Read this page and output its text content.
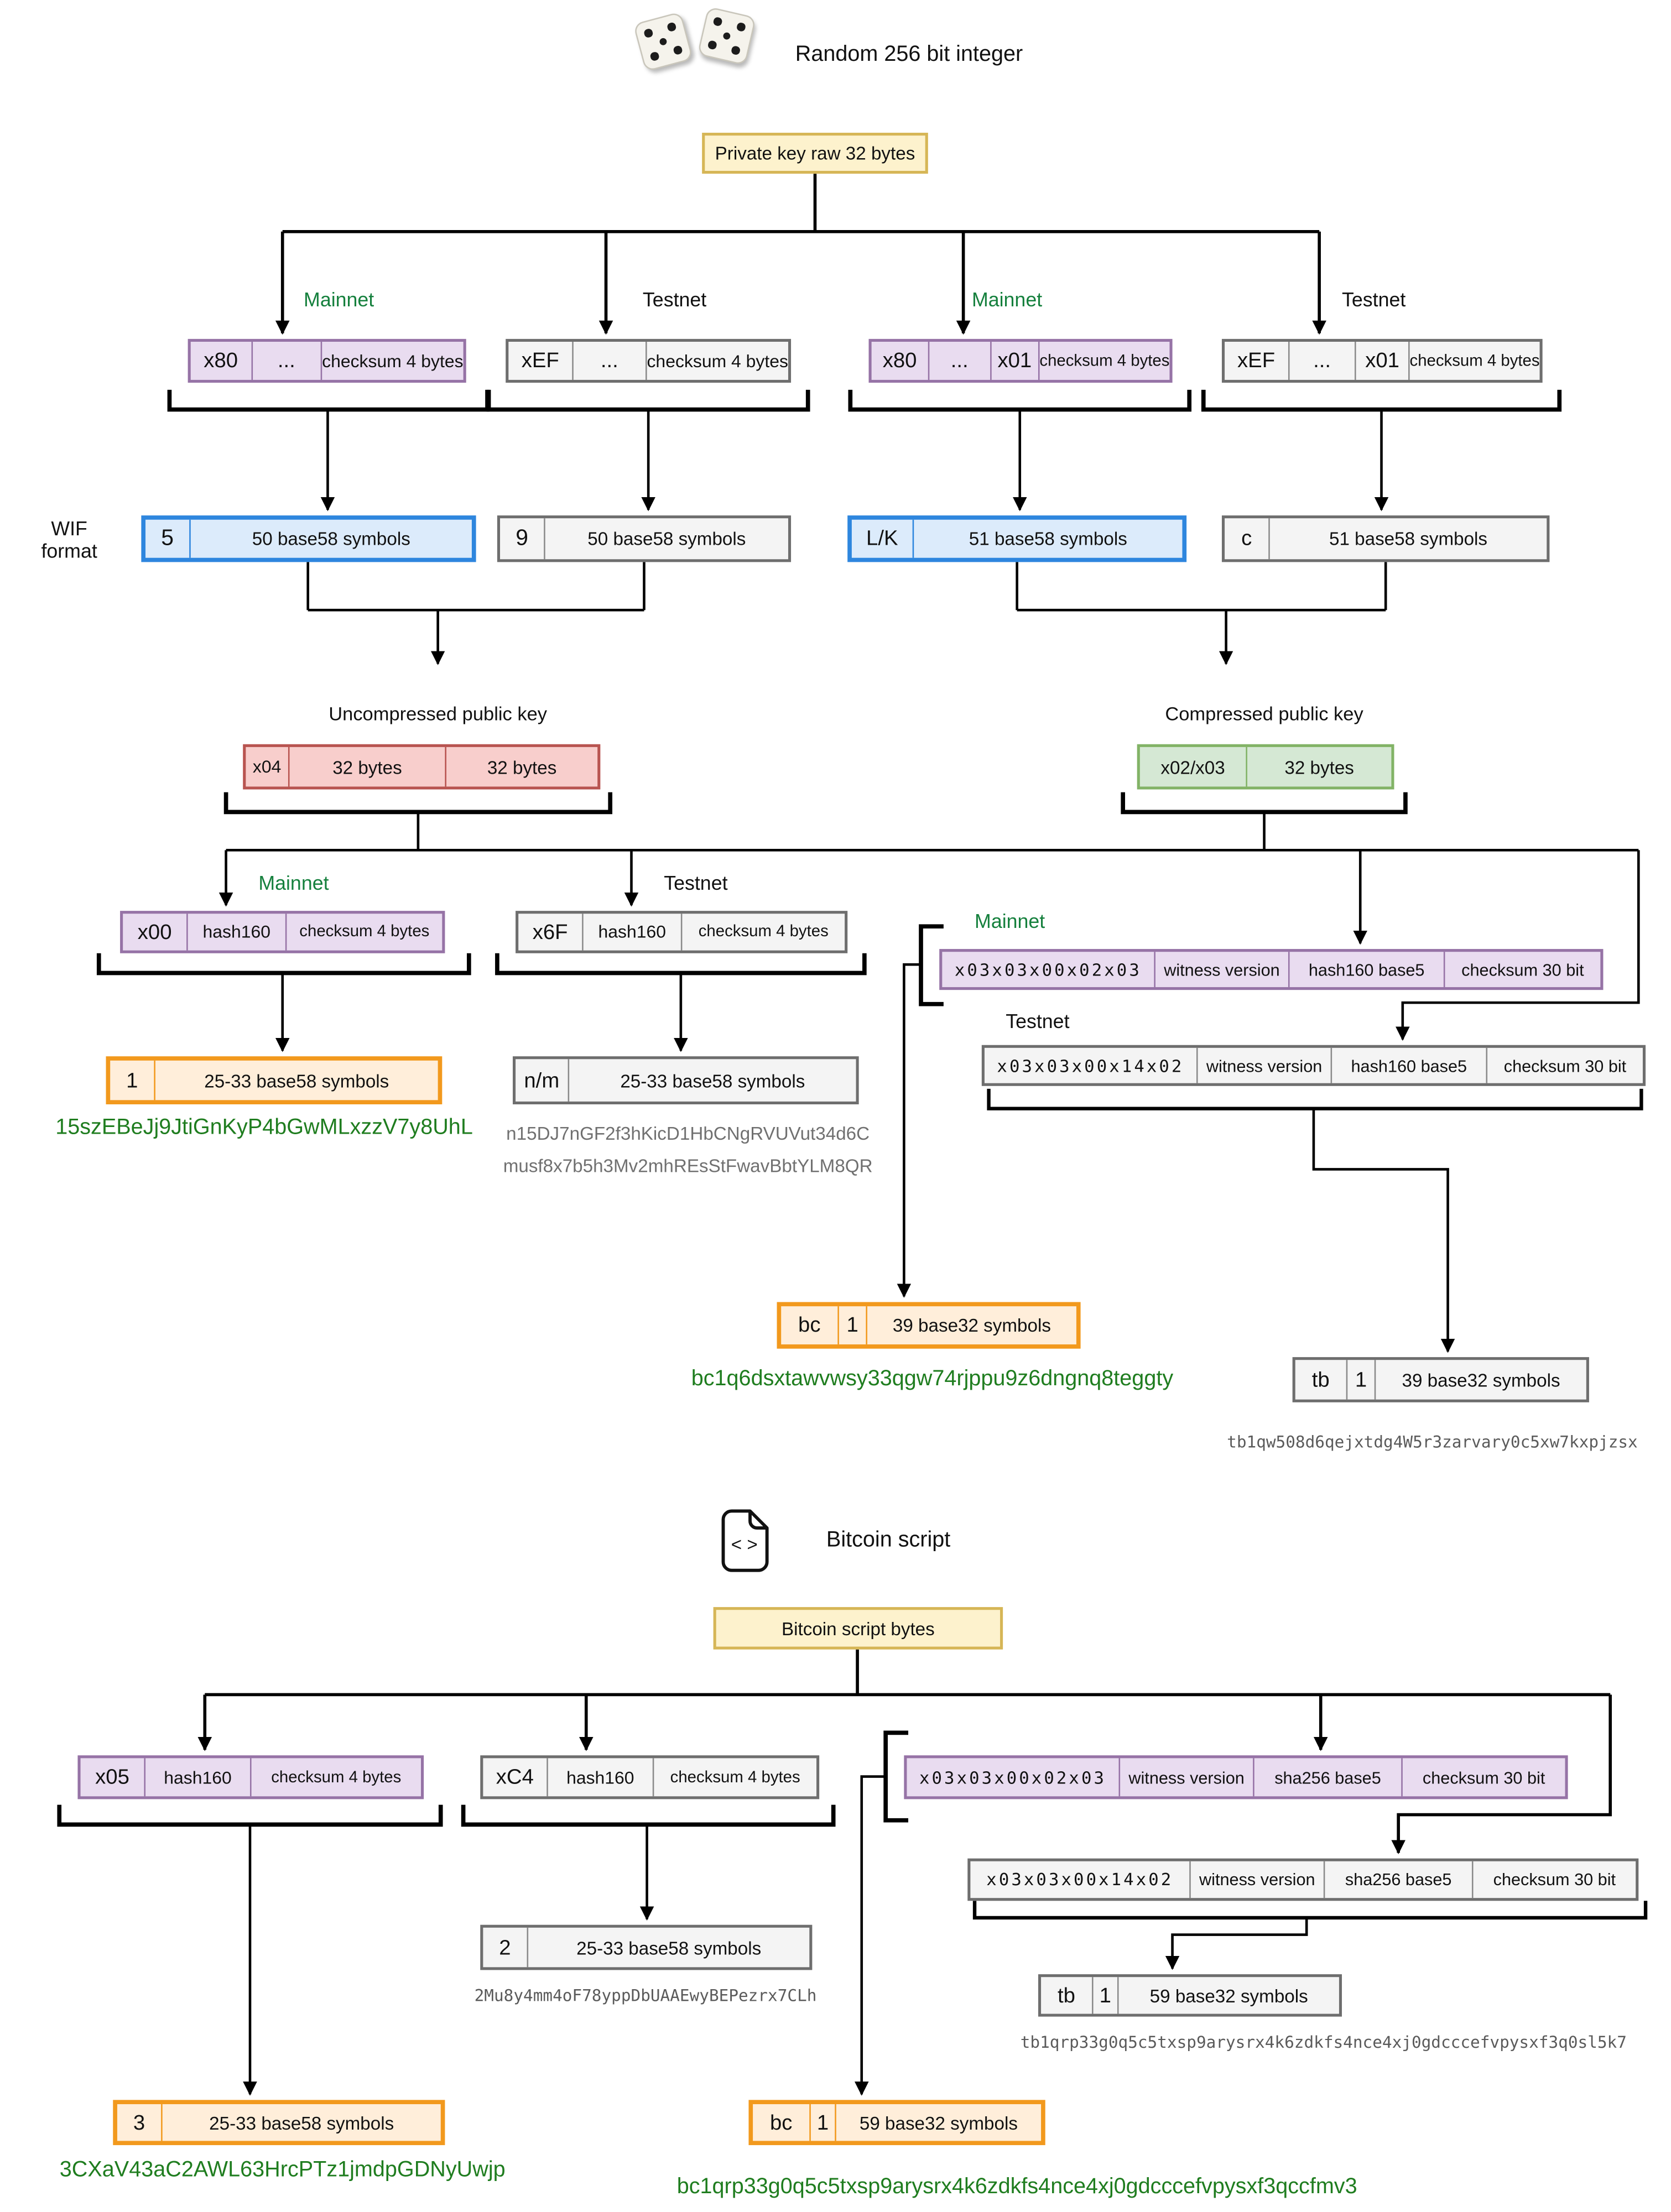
Random 256 bit integer
Private key raw 32 bytes
Mainnet	Testnet	Mainnet	Testnet
x80	...	checksum 4 bytes	xEF	...	checksum 4 bytes	x80	...	x01	checksum 4 bytes	xEF	...	x01	checksum 4 bytes
WIF
format
5	50 base58 symbols	9	50 base58 symbols	L/K	51 base58 symbols	c	51 base58 symbols
Uncompressed public key	Compressed public key
x04	32 bytes	32 bytes	x02/x03	32 bytes
Mainnet	Testnet
x00	hash160	checksum 4 bytes	x6F	hash160	checksum 4 bytes	Mainnet
Testnet
x03x03x00x02x03	witness version	hash160 base5	checksum 30 bit
x03x03x00x14x02	witness version	hash160 base5	checksum 30 bit
1	25-33 base58 symbols	n/m	25-33 base58 symbols
15szEBeJj9JtiGnKyP4bGwMLxzzV7y8UhL	n15DJ7nGF2f3hKicD1HbCNgRVUVut34d6C
musf8x7b5h3Mv2mhREsStFwavBbtYLM8QR
bc	1	39 base32 symbols
tb	1	39 base32 symbols
bc1q6dsxtawvwsy33qgw74rjppu9z6dngnq8teggty
tb1qw508d6qejxtdg4W5r3zarvary0c5xw7kxpjzsx
< >	Bitcoin script
Bitcoin script bytes
x05	hash160	checksum 4 bytes	xC4	hash160	checksum 4 bytes	x03x03x00x02x03	witness version	sha256 base5	checksum 30 bit
x03x03x00x14x02	witness version	sha256 base5	checksum 30 bit
2	25-33 base58 symbols
2Mu8y4mm4oF78yppDbUAAEwyBEPezrx7CLh	tb	1	59 base32 symbols
tb1qrp33g0q5c5txsp9arysrx4k6zdkfs4nce4xj0gdcccefvpysxf3q0sl5k7
3	25-33 base58 symbols
3CXaV43aC2AWL63HrcPTz1jmdpGDNyUwjp
bc	1	59 base32 symbols
bc1qrp33g0q5c5txsp9arysrx4k6zdkfs4nce4xj0gdcccefvpysxf3qccfmv3
